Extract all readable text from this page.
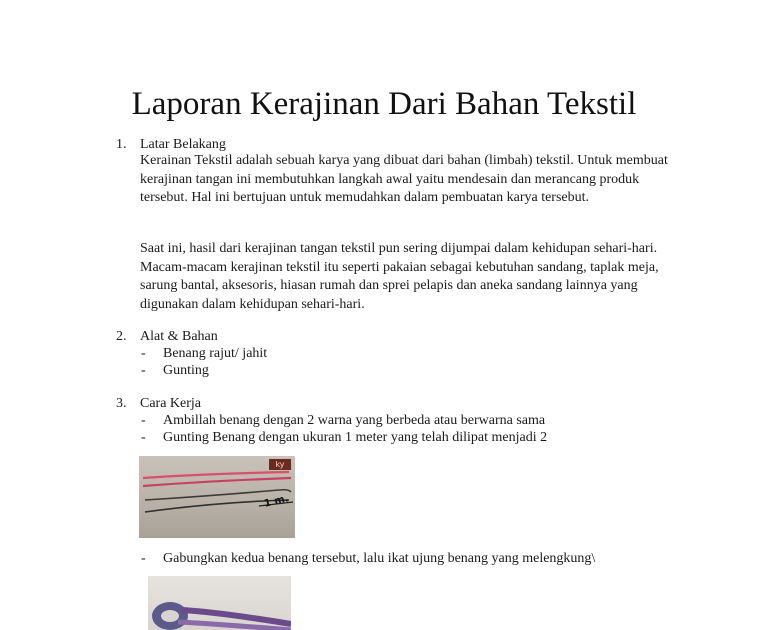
Laporan Kerajinan Dari Bahan Tekstil
1. Latar Belakang

Kerainan Tekstil adalah sebuah karya yang dibuat dari bahan (limbah) tekstil. Untuk membuat kerajinan tangan ini membutuhkan langkah awal yaitu mendesain dan merancang produk tersebut. Hal ini bertujuan untuk memudahkan dalam pembuatan karya tersebut.

Saat ini, hasil dari kerajinan tangan tekstil pun sering dijumpai dalam kehidupan sehari-hari. Macam-macam kerajinan tekstil itu seperti pakaian sebagai kebutuhan sandang, taplak meja, sarung bantal, aksesoris, hiasan rumah dan sprei pelapis dan aneka sandang lainnya yang digunakan dalam kehidupan sehari-hari.

2. Alat & Bahan
- Benang rajut/ jahit
- Gunting
3. Cara Kerja
- Ambillah benang dengan 2 warna yang berbeda atau berwarna sama
- Gunting Benang dengan ukuran 1 meter yang telah dilipat menjadi 2
ky
1 m.
- Gabungkan kedua benang tersebut, lalu ikat ujung benang yang melengkung\
